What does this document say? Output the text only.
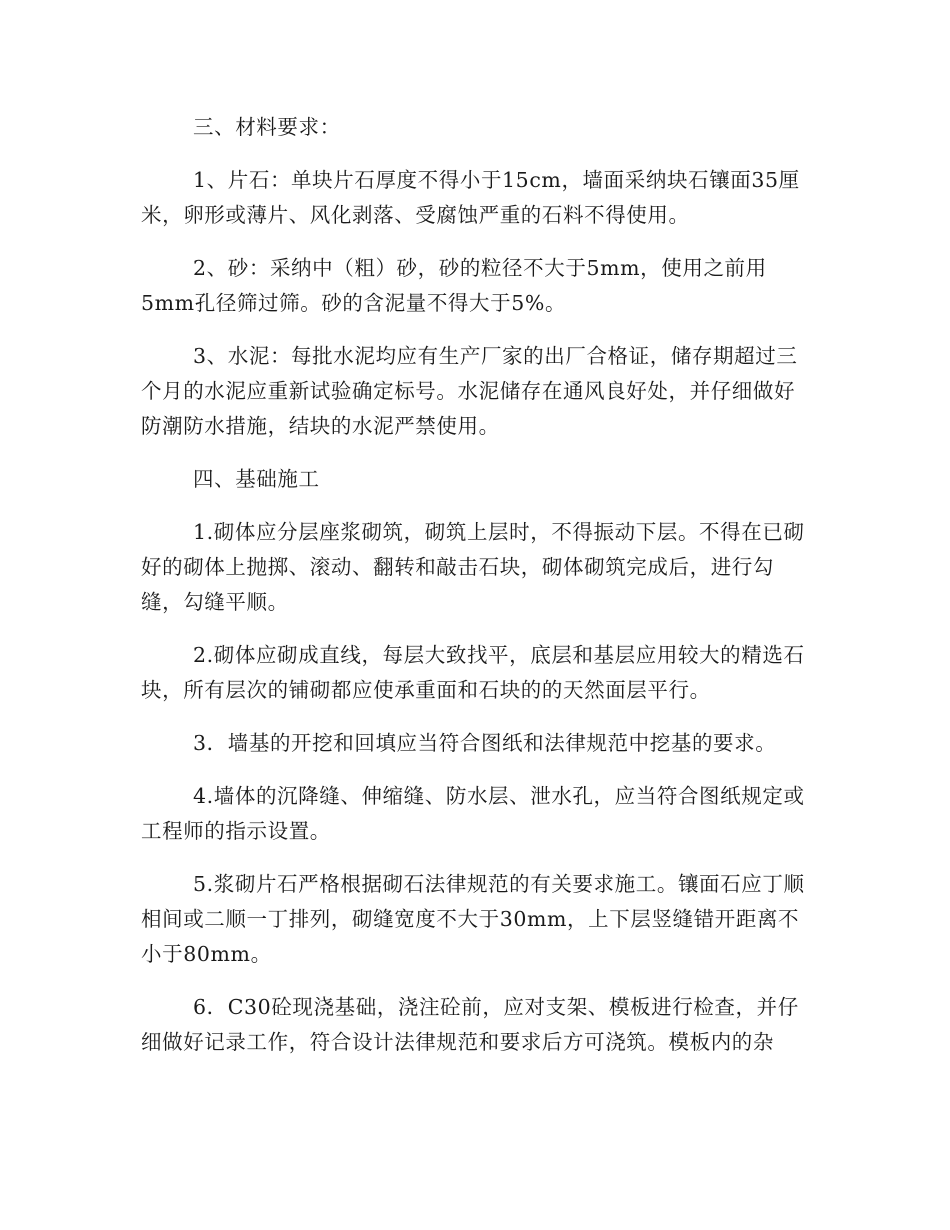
三、材料要求：

1、片石：单块片石厚度不得小于15cm，墙面采纳块石镶面35厘米，卵形或薄片、风化剥落、受腐蚀严重的石料不得使用。

2、砂：采纳中（粗）砂，砂的粒径不大于5mm，使用之前用5mm孔径筛过筛。砂的含泥量不得大于5%。

3、水泥：每批水泥均应有生产厂家的出厂合格证，储存期超过三个月的水泥应重新试验确定标号。水泥储存在通风良好处，并仔细做好防潮防水措施，结块的水泥严禁使用。

四、基础施工

1.砌体应分层座浆砌筑，砌筑上层时，不得振动下层。不得在已砌好的砌体上抛掷、滚动、翻转和敲击石块，砌体砌筑完成后，进行勾缝，勾缝平顺。

2.砌体应砌成直线，每层大致找平，底层和基层应用较大的精选石块，所有层次的铺砌都应使承重面和石块的的天然面层平行。

3．墙基的开挖和回填应当符合图纸和法律规范中挖基的要求。

4.墙体的沉降缝、伸缩缝、防水层、泄水孔，应当符合图纸规定或工程师的指示设置。

5.浆砌片石严格根据砌石法律规范的有关要求施工。镶面石应丁顺相间或二顺一丁排列，砌缝宽度不大于30mm，上下层竖缝错开距离不小于80mm。

6．C30砼现浇基础，浇注砼前，应对支架、模板进行检查，并仔细做好记录工作，符合设计法律规范和要求后方可浇筑。模板内的杂
